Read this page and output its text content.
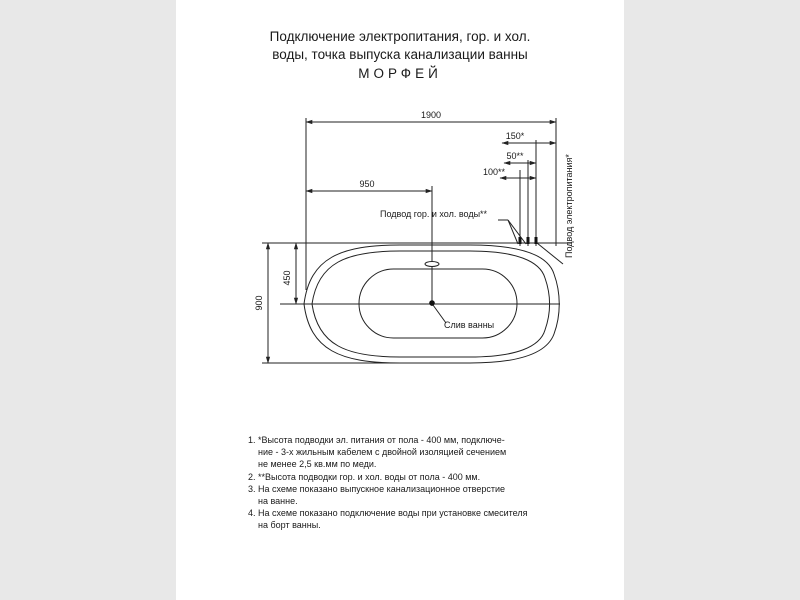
Подключение электропитания, гор. и хол.
воды, точка выпуска канализации ванны
МОРФЕЙ
Слив ванны
1900
950
150*
50**
100**
Подвод гор. и хол. воды**	Подвод электропитания*
900
450
1. *Высота подводки эл. питания от пола - 400 мм, подключе-
ние - 3-х жильным кабелем с двойной изоляцией сечением
не менее 2,5 кв.мм по меди.
2. **Высота подводки гор. и хол. воды от пола - 400 мм.
3. На схеме показано выпускное канализационное отверстие
на ванне.
4. На схеме показано подключение воды при установке смесителя
на борт ванны.
